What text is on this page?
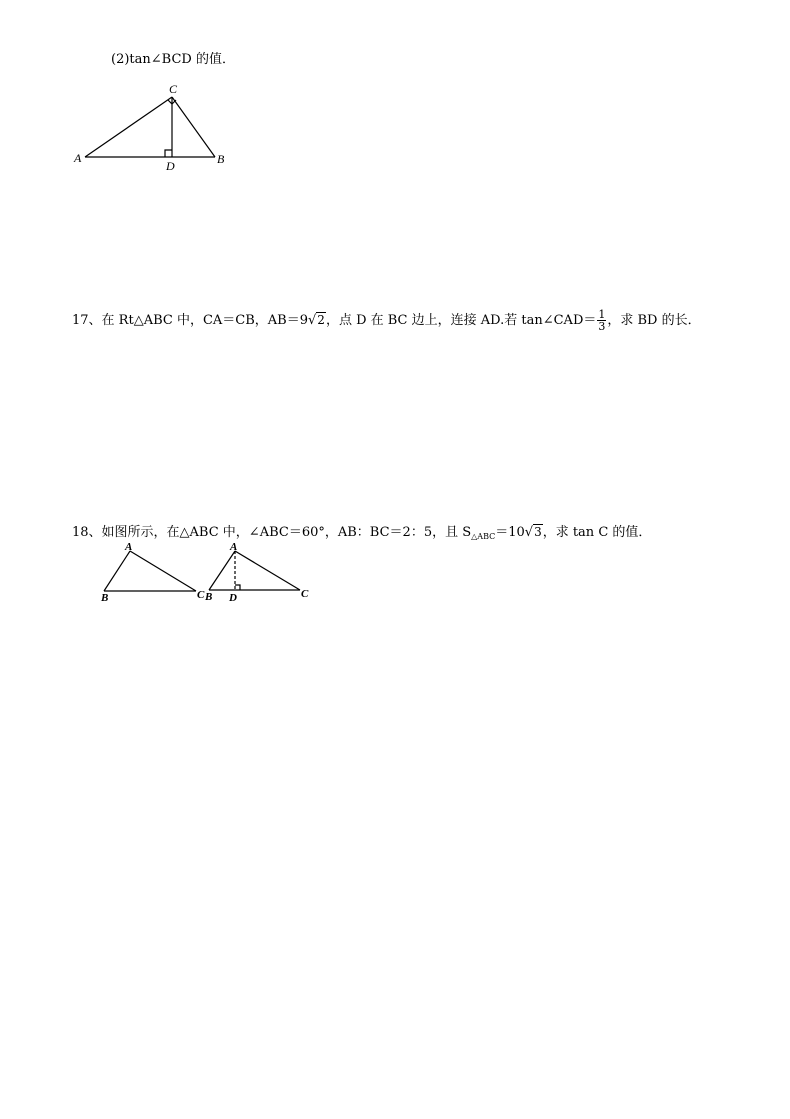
(2)tan∠BCD 的值．
A	B
C
D
17、在 Rt△ABC 中，CA＝CB，AB＝9√2，点 D 在 BC 边上，连接 AD.若 tan∠CAD＝ $\frac{1}{3}$ ，求 BD 的长．
18、如图所示，在△ABC 中，∠ABC＝60°，AB：BC＝2：5，且 $S_{\triangle ABC}=10√3$，求 tan C 的值．
A
B	C
A
B D	C
